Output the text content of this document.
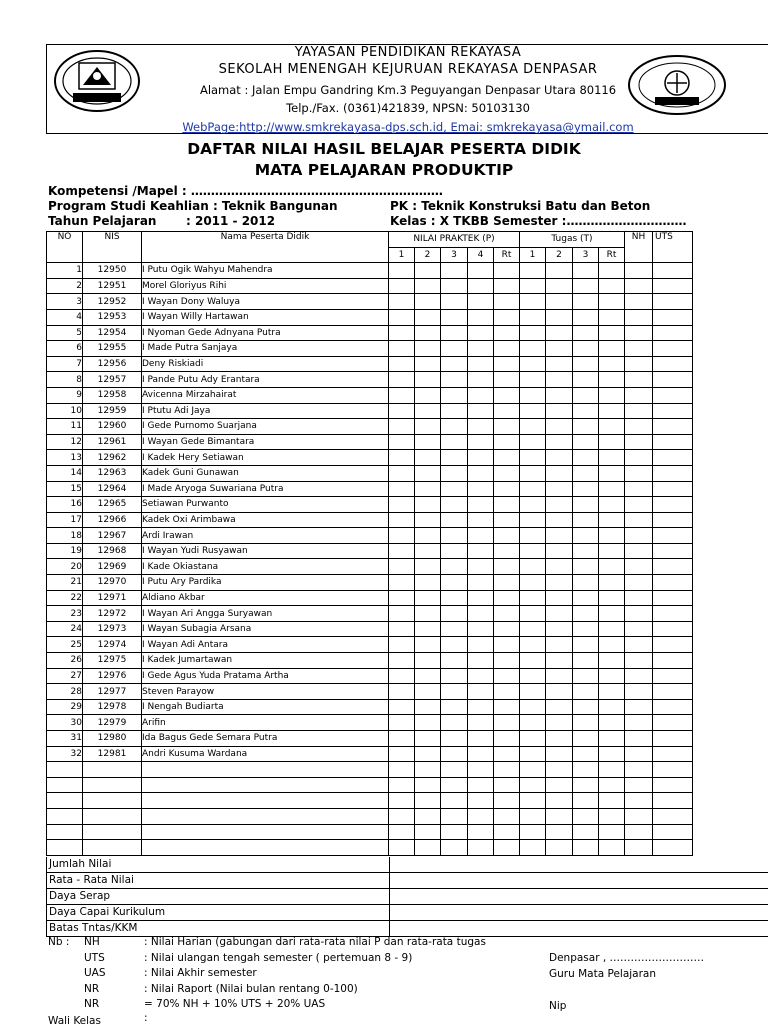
YAYASAN PENDIDIKAN REKAYASA
SEKOLAH MENENGAH KEJURUAN REKAYASA DENPASAR
Alamat : Jalan Empu Gandring Km.3 Peguyangan Denpasar Utara 80116
Telp./Fax. (0361)421839, NPSN: 50103130
WebPage:http://www.smkrekayasa-dps.sch.id, Emai: smkrekayasa@ymail.com
DAFTAR NILAI HASIL BELAJAR PESERTA DIDIK
MATA PELAJARAN PRODUKTIP
Kompetensi /Mapel : ………………………………………………………
Program Studi Keahlian : Teknik Bangunan
Tahun Pelajaran : 2011 - 2012
PK : Teknik Konstruksi Batu dan Beton
Kelas : X TKBB Semester :…………………………
NO	NIS	Nama Peserta Didik	NILAI PRAKTEK (P)					Tugas (T)				NH	UTS
			1	2	3	4	Rt	1	2	3	Rt		
1	12950	I Putu Ogik Wahyu Mahendra											
2	12951	Morel Gloriyus Rihi											
3	12952	I Wayan Dony Waluya											
4	12953	I Wayan Willy Hartawan											
5	12954	I Nyoman Gede Adnyana Putra											
6	12955	I Made Putra Sanjaya											
7	12956	Deny Riskiadi											
8	12957	I Pande Putu Ady Erantara											
9	12958	Avicenna Mirzahairat											
10	12959	I Ptutu Adi Jaya											
11	12960	I Gede Purnomo Suarjana											
12	12961	I Wayan Gede Bimantara											
13	12962	I Kadek Hery Setiawan											
14	12963	Kadek Guni Gunawan											
15	12964	I Made Aryoga Suwariana Putra											
16	12965	Setiawan Purwanto											
17	12966	Kadek Oxi Arimbawa											
18	12967	Ardi Irawan											
19	12968	I Wayan Yudi Rusyawan											
20	12969	I Kade Okiastana											
21	12970	I Putu Ary Pardika											
22	12971	Aldiano Akbar											
23	12972	I Wayan Ari Angga Suryawan											
24	12973	I Wayan Subagia Arsana											
25	12974	I Wayan Adi Antara											
26	12975	I Kadek Jumartawan											
27	12976	I Gede Agus Yuda Pratama Artha											
28	12977	Steven Parayow											
29	12978	I Nengah Budiarta											
30	12979	Arifin											
31	12980	Ida Bagus Gede Semara Putra											
32	12981	Andri Kusuma Wardana											

Jumlah Nilai
Rata - Rata Nilai
Daya Serap
Daya Capai Kurikulum
Batas Tntas/KKM
Nb : NH	: Nilai Harian (gabungan dari rata-rata nilai P dan rata-rata tugas
UTS	: Nilai ulangan tengah semester ( pertemuan 8 - 9)
UAS	: Nilai Akhir semester
NR	: Nilai Raport (Nilai bulan rentang 0-100)
NR	= 70% NH + 10% UTS + 20% UAS
Wali Kelas	:
Denpasar , ………………………
Guru Mata Pelajaran
Nip
